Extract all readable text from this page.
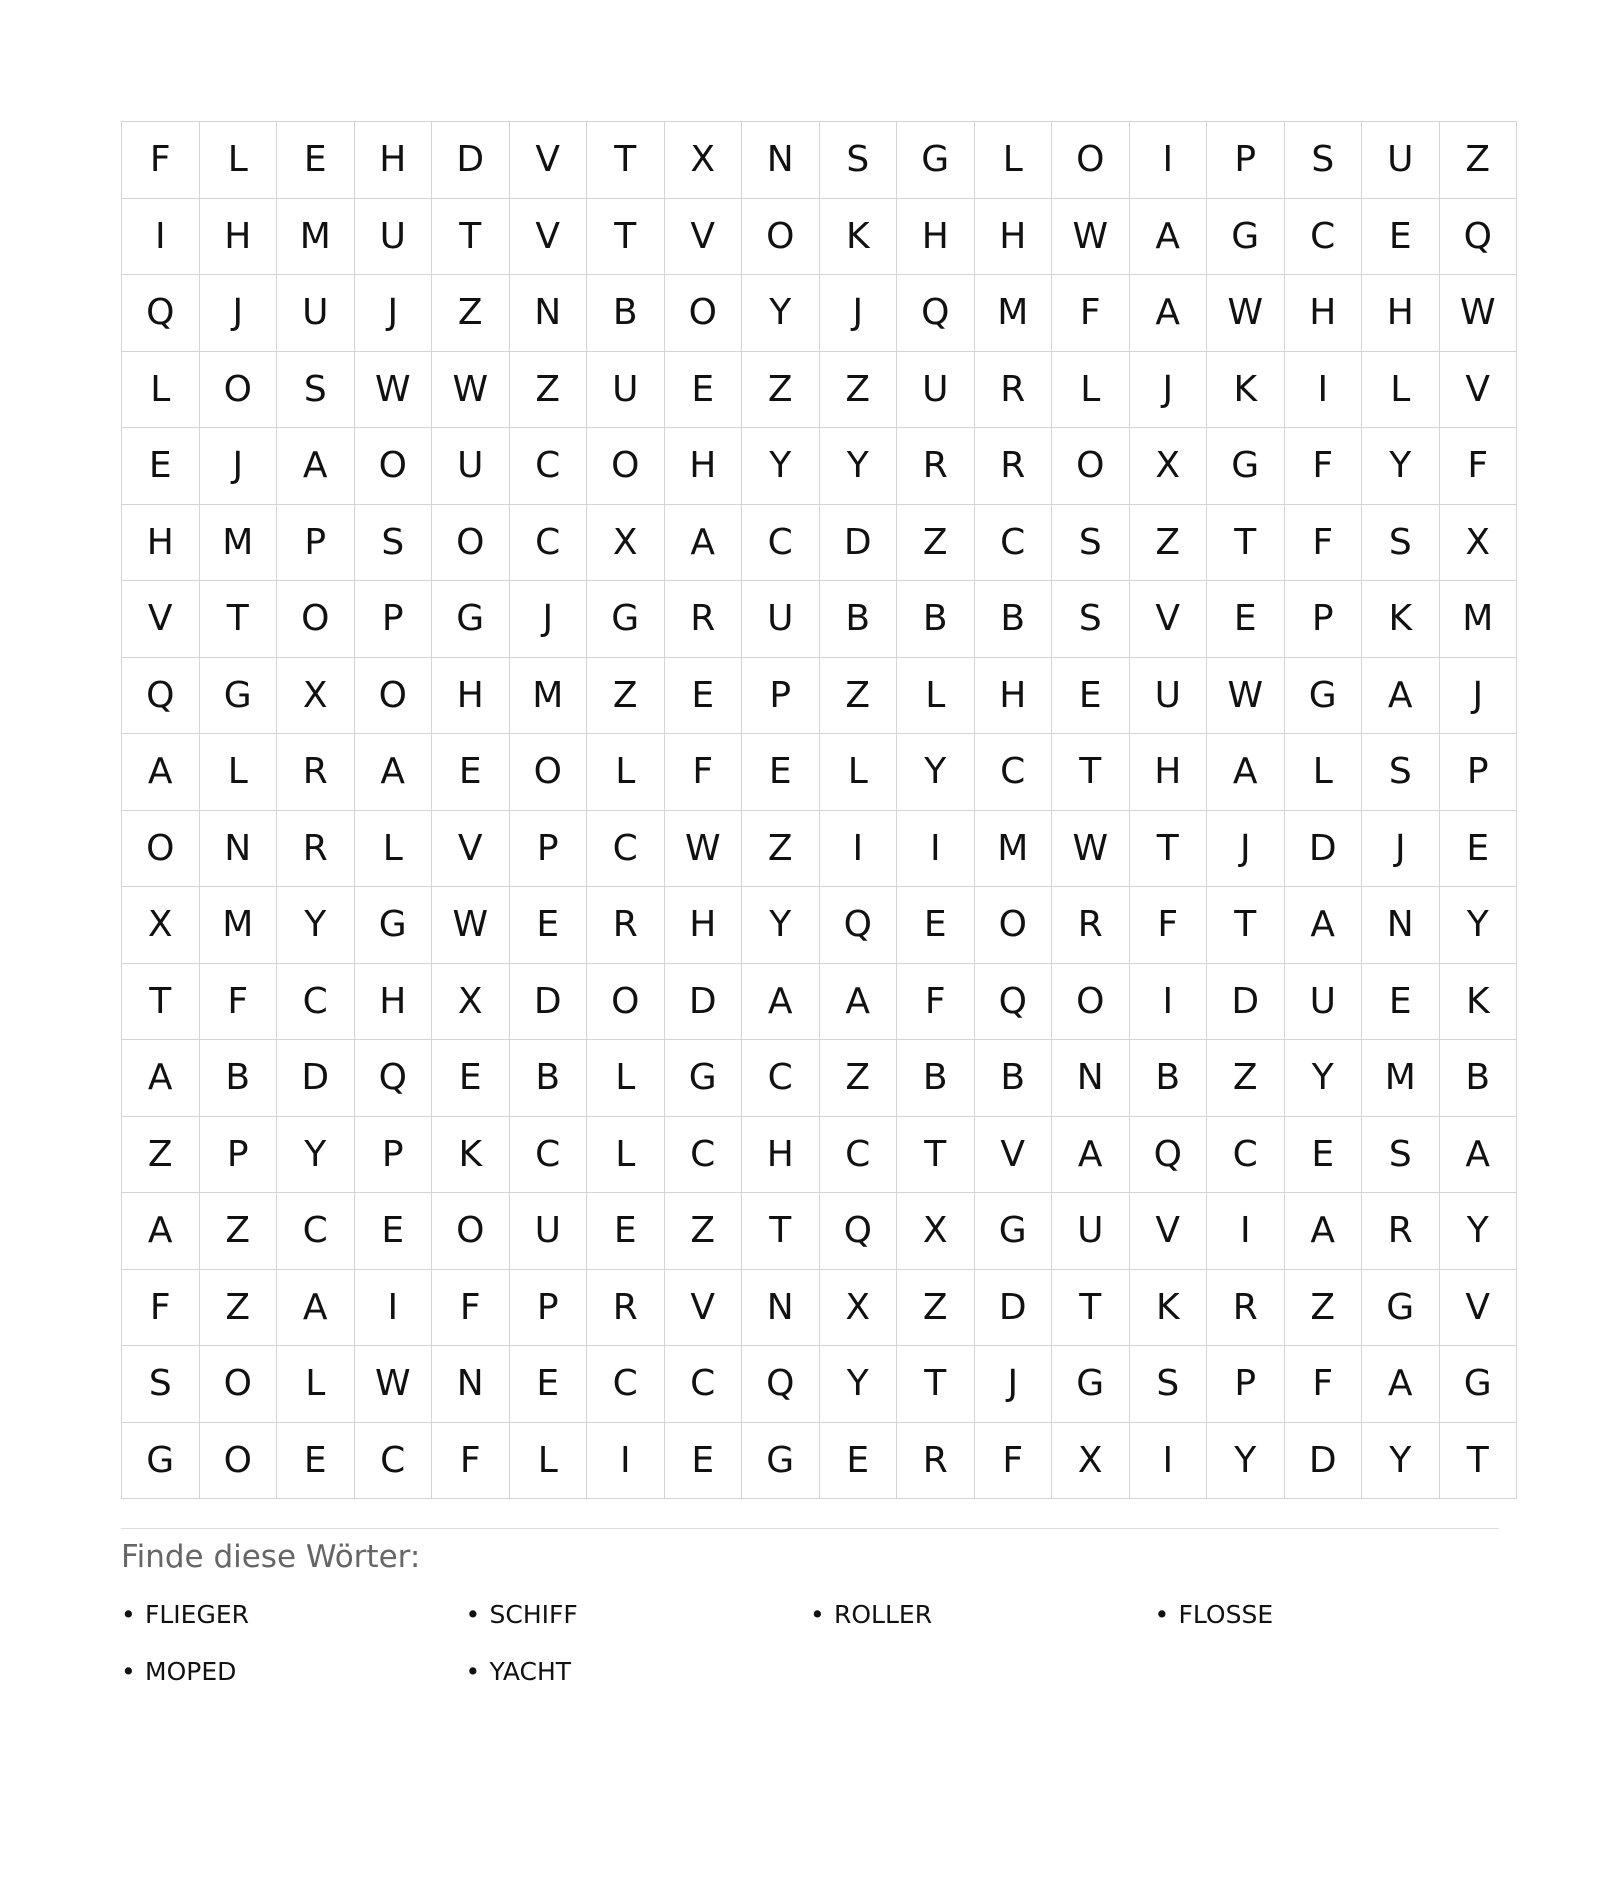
F	L	E	H	D	V	T	X	N	S	G	L	O	I	P	S	U	Z
I	H	M	U	T	V	T	V	O	K	H	H	W	A	G	C	E	Q
Q	J	U	J	Z	N	B	O	Y	J	Q	M	F	A	W	H	H	W
L	O	S	W	W	Z	U	E	Z	Z	U	R	L	J	K	I	L	V
E	J	A	O	U	C	O	H	Y	Y	R	R	O	X	G	F	Y	F
H	M	P	S	O	C	X	A	C	D	Z	C	S	Z	T	F	S	X
V	T	O	P	G	J	G	R	U	B	B	B	S	V	E	P	K	M
Q	G	X	O	H	M	Z	E	P	Z	L	H	E	U	W	G	A	J
A	L	R	A	E	O	L	F	E	L	Y	C	T	H	A	L	S	P
O	N	R	L	V	P	C	W	Z	I	I	M	W	T	J	D	J	E
X	M	Y	G	W	E	R	H	Y	Q	E	O	R	F	T	A	N	Y
T	F	C	H	X	D	O	D	A	A	F	Q	O	I	D	U	E	K
A	B	D	Q	E	B	L	G	C	Z	B	B	N	B	Z	Y	M	B
Z	P	Y	P	K	C	L	C	H	C	T	V	A	Q	C	E	S	A
A	Z	C	E	O	U	E	Z	T	Q	X	G	U	V	I	A	R	Y
F	Z	A	I	F	P	R	V	N	X	Z	D	T	K	R	Z	G	V
S	O	L	W	N	E	C	C	Q	Y	T	J	G	S	P	F	A	G
G	O	E	C	F	L	I	E	G	E	R	F	X	I	Y	D	Y	T
Finde diese Wörter:
• FLIEGER	• SCHIFF	• ROLLER	• FLOSSE
• MOPED	• YACHT
